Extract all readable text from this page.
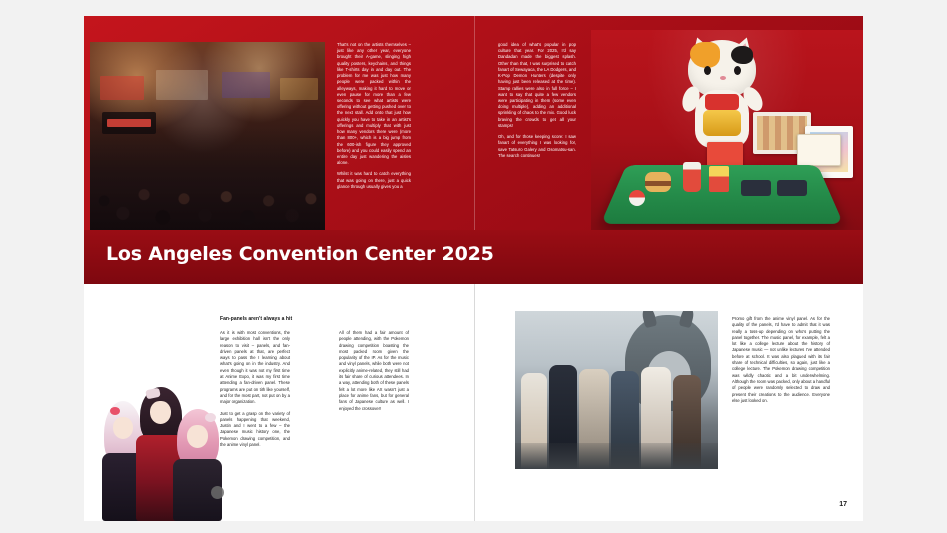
That's not on the artists themselves – just like any other year, everyone brought their A-game, slinging high quality posters, keychains, and things like T-shirts day in and day out. The problem for me was just how many people were packed within the alleyways, making it hard to move or even pause for more than a few seconds to see what artists were offering without getting pushed over to the next stall. Add onto that just how quickly you have to take in an artist's offerings and multiply that with just how many vendors there were (more than 800+, which is a big jump from the 600-ish figure they approved before) and you could easily spend an entire day just wandering the aisles alone.

Whilst it was hard to catch everything that was going on there, just a quick glance through usually gives you a

good idea of what's popular in pop culture that year. For 2025, I'd say Dandadan made the biggest splash. Other than that, I was surprised to catch fanart of Sewayaca, the LA Dodgers, and K-Pop Demon Hunters (despite only having just been released at the time). Stamp rallies were also in full force – I want to say that quite a few vendors were participating in them (some even doing multiple), adding an additional sprinkling of chaos to the mix. Good luck braving the crowds to get all your stamps!

Oh, and for those keeping score: I saw fanart of everything I was looking for, save Tatsuro Galery and Osomatsu-san. The search continues!

Los Angeles Convention Center 2025
Fan-panels aren't always a hit

As it is with most conventions, the large exhibition hall isn't the only reason to visit – panels, and fan-driven panels at that, are perfect ways to pass the I learning about what's going on in the industry. And even though it was not my first time at Anime Expo, it was my first time attending a fan-driven panel. These programs are put on tiIh like yourself, and for the most part, not put on by a major organization.

Just to get a grasp on the variety of panels happening that weekend, Justin and I went to a few – the Japanese music history one, the Pokemon drawing competition, and the anime vinyl panel.

All of them had a fair amount of people attending, with the Pokemon drawing competition boasting the most packed room given the popularity of the IP. As for the music and vinyl panels, while both were not explicitly anime-related, they still had its fair share of curious attendees. In a way, attending both of these panels felt a lot more like AX wasn't just a place for anime fans, but for general fans of Japanese culture as well. I enjoyed the crossover!

Promo gift from the anime vinyl panel. As for the quality of the panels, I'd have to admit that it was really a toss-up depending on who's putting the panel together. The music panel, for example, felt a lot like a college lecture about the history of Japanese music — not unlike lectures I've attended before at school. It was also plagued with its fair share of technical difficulties, so again, just like a college lecture. The Pokemon drawing competition was wildly chaotic and a bit underwhelming. Although the room was packed, only about a handful of people were randomly selected to draw and present their creations to the audience. Everyone else just looked on.

17
